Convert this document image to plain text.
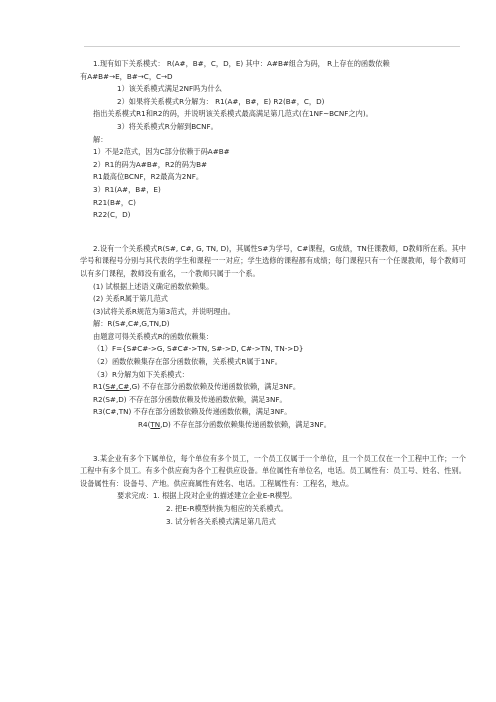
1.现有如下关系模式： R(A#，B#，C，D，E) 其中：A#B#组合为码， R上存在的函数依赖
有A#B#→E，B#→C，C→D
1）该关系模式满足2NF吗为什么
2）如果将关系模式R分解为： R1(A#，B#，E) R2(B#，C，D)
指出关系模式R1和R2的码，并说明该关系模式最高满足第几范式(在1NF~BCNF之内)。
3）将关系模式R分解到BCNF。
解：
1）不是2范式，因为C部分依赖于码A#B#
2）R1的码为A#B#，R2的码为B#
R1最高位BCNF，R2最高为2NF。
3）R1(A#，B#，E)
R21(B#，C)
R22(C，D)
2.设有一个关系模式R(S#, C#, G, TN, D)，其属性S#为学号，C#课程，G成绩，TN任课教师，D教师所在系。其中学号和课程号分别与其代表的学生和课程一一对应；学生选修的课程都有成绩；每门课程只有一个任课教师，每个教师可以有多门课程，教师没有重名，一个教师只属于一个系。
(1) 试根据上述语义确定函数依赖集。
(2) 关系R属于第几范式
(3)试将关系R规范为第3范式，并说明理由。
解：R(S#,C#,G,TN,D)
由题意可得关系模式R的函数依赖集：
（1）F={S#C#->G, S#C#->TN, S#->D, C#->TN, TN->D}
（2）函数依赖集存在部分函数依赖，关系模式R属于1NF。
（3）R分解为如下关系模式：
R1(S#,C#,G) 不存在部分函数依赖及传递函数依赖，满足3NF。
R2(S#,D) 不存在部分函数依赖及传递函数依赖，满足3NF。
R3(C#,TN) 不存在部分函数依赖及传递函数依赖，满足3NF。
R4(TN,D) 不存在部分函数依赖集传递函数依赖，满足3NF。
3.某企业有多个下属单位，每个单位有多个员工，一个员工仅属于一个单位，且一个员工仅在一个工程中工作；一个工程中有多个员工。有多个供应商为各个工程供应设备。单位属性有单位名，电话。员工属性有：员工号、姓名、性别。设备属性有：设备号、产地。供应商属性有姓名、电话。工程属性有：工程名，地点。
要求完成：1. 根据上段对企业的描述建立企业E-R模型。
2. 把E-R模型转换为相应的关系模式。
3. 试分析各关系模式满足第几范式
